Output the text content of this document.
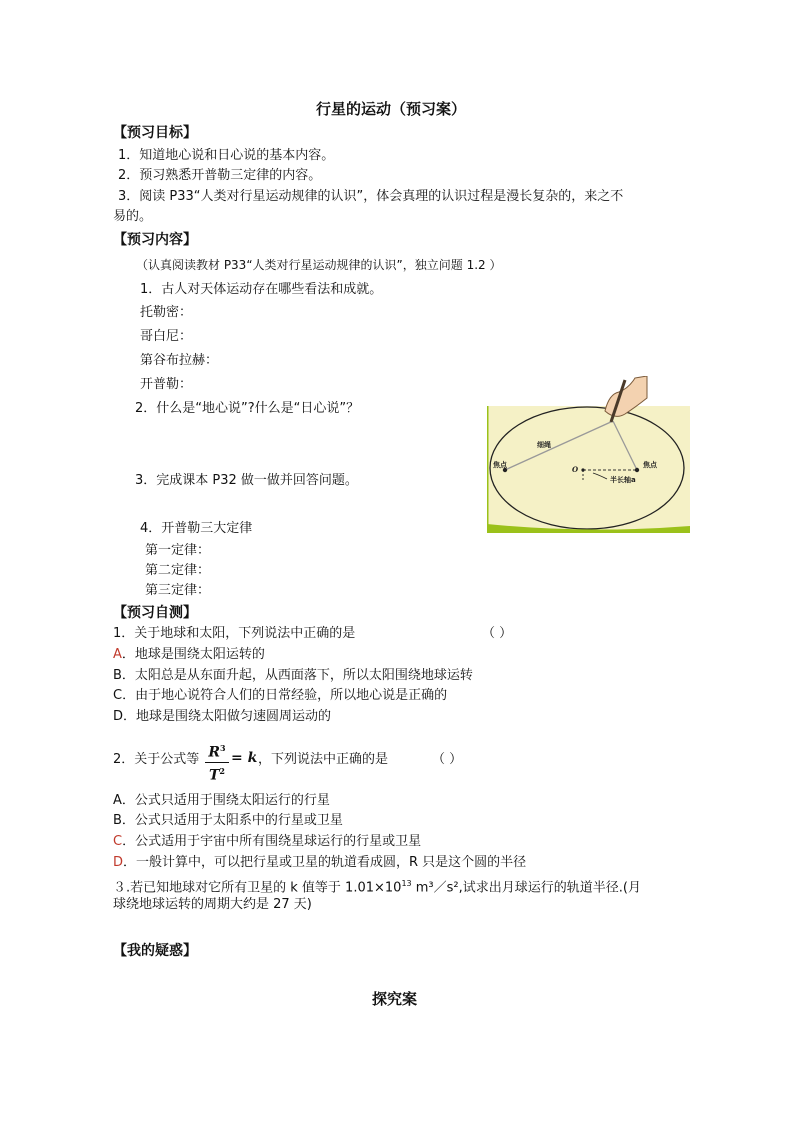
行星的运动（预习案）
【预习目标】
1．知道地心说和日心说的基本内容。
2．预习熟悉开普勒三定律的内容。
3．阅读 P33“人类对行星运动规律的认识”，体会真理的认识过程是漫长复杂的，来之不
易的。
【预习内容】
（认真阅读教材 P33“人类对行星运动规律的认识”，独立问题 1.2 ）
1．古人对天体运动存在哪些看法和成就。
托勒密：
哥白尼：
第谷布拉赫：
开普勒：
2．什么是“地心说”?什么是“日心说”？
3．完成课本 P32 做一做并回答问题。
4．开普勒三大定律
第一定律：
第二定律：
第三定律：
细绳
焦点	焦点
O
半长轴a
【预习自测】
1．关于地球和太阳，下列说法中正确的是	（ ）
A．地球是围绕太阳运转的
B．太阳总是从东面升起，从西面落下，所以太阳围绕地球运转
C．由于地心说符合人们的日常经验，所以地心说是正确的
D．地球是围绕太阳做匀速圆周运动的
2．关于公式等 $\frac{R^3}{T^2} = k$ ，下列说法中正确的是	（ ）
A．公式只适用于围绕太阳运行的行星
B．公式只适用于太阳系中的行星或卫星
C．公式适用于宇宙中所有围绕星球运行的行星或卫星
D．一般计算中，可以把行星或卫星的轨道看成圆，R 只是这个圆的半径
３.若已知地球对它所有卫星的 k 值等于 $1.01\times 10^{13}$ m³／s²,试求出月球运行的轨道半径.(月
球绕地球运转的周期大约是 27 天)
【我的疑惑】
探究案
